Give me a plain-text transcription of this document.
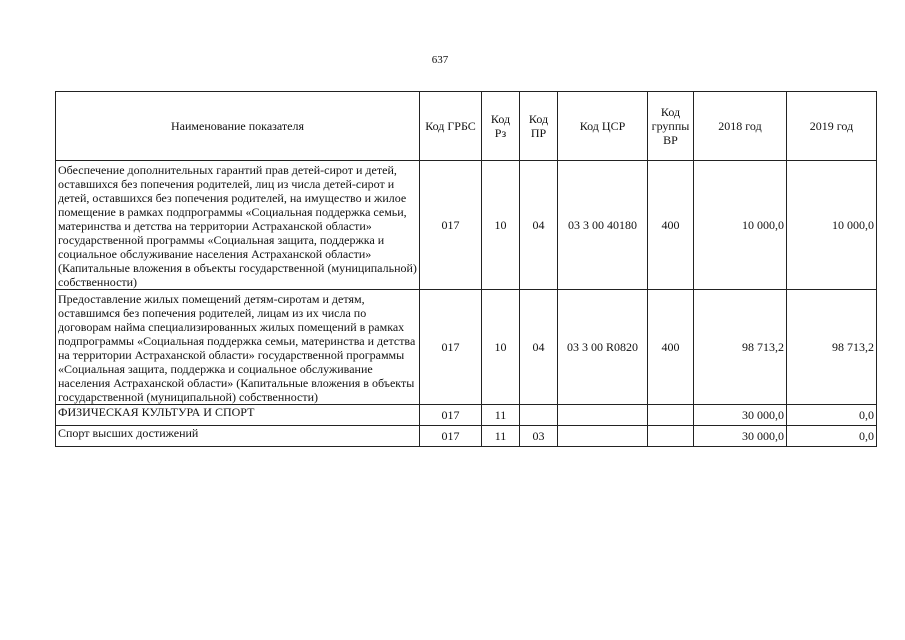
637
Наименование показателя	Код ГРБС	Код Рз	Код ПР	Код ЦСР	Код группы ВР	2018 год	2019 год
Обеспечение дополнительных гарантий прав детей-сирот и детей, оставшихся без попечения родителей, лиц из числа детей-сирот и детей, оставшихся без попечения родителей, на имущество и жилое помещение в рамках подпрограммы «Социальная поддержка семьи, материнства и детства на территории Астраханской области» государственной программы «Социальная защита, поддержка и социальное обслуживание населения Астраханской области» (Капитальные вложения в объекты государственной (муниципальной) собственности)	017	10	04	03 3 00 40180	400	10 000,0	10 000,0
Предоставление жилых помещений детям-сиротам и детям, оставшимся без попечения родителей, лицам из их числа по договорам найма специализированных жилых помещений в рамках подпрограммы «Социальная поддержка семьи, материнства и детства на территории Астраханской области» государственной программы «Социальная защита, поддержка и социальное обслуживание населения Астраханской области» (Капитальные вложения в объекты государственной (муниципальной) собственности)	017	10	04	03 3 00 R0820	400	98 713,2	98 713,2
ФИЗИЧЕСКАЯ КУЛЬТУРА И СПОРТ	017	11				30 000,0	0,0
Спорт высших достижений	017	11	03			30 000,0	0,0
